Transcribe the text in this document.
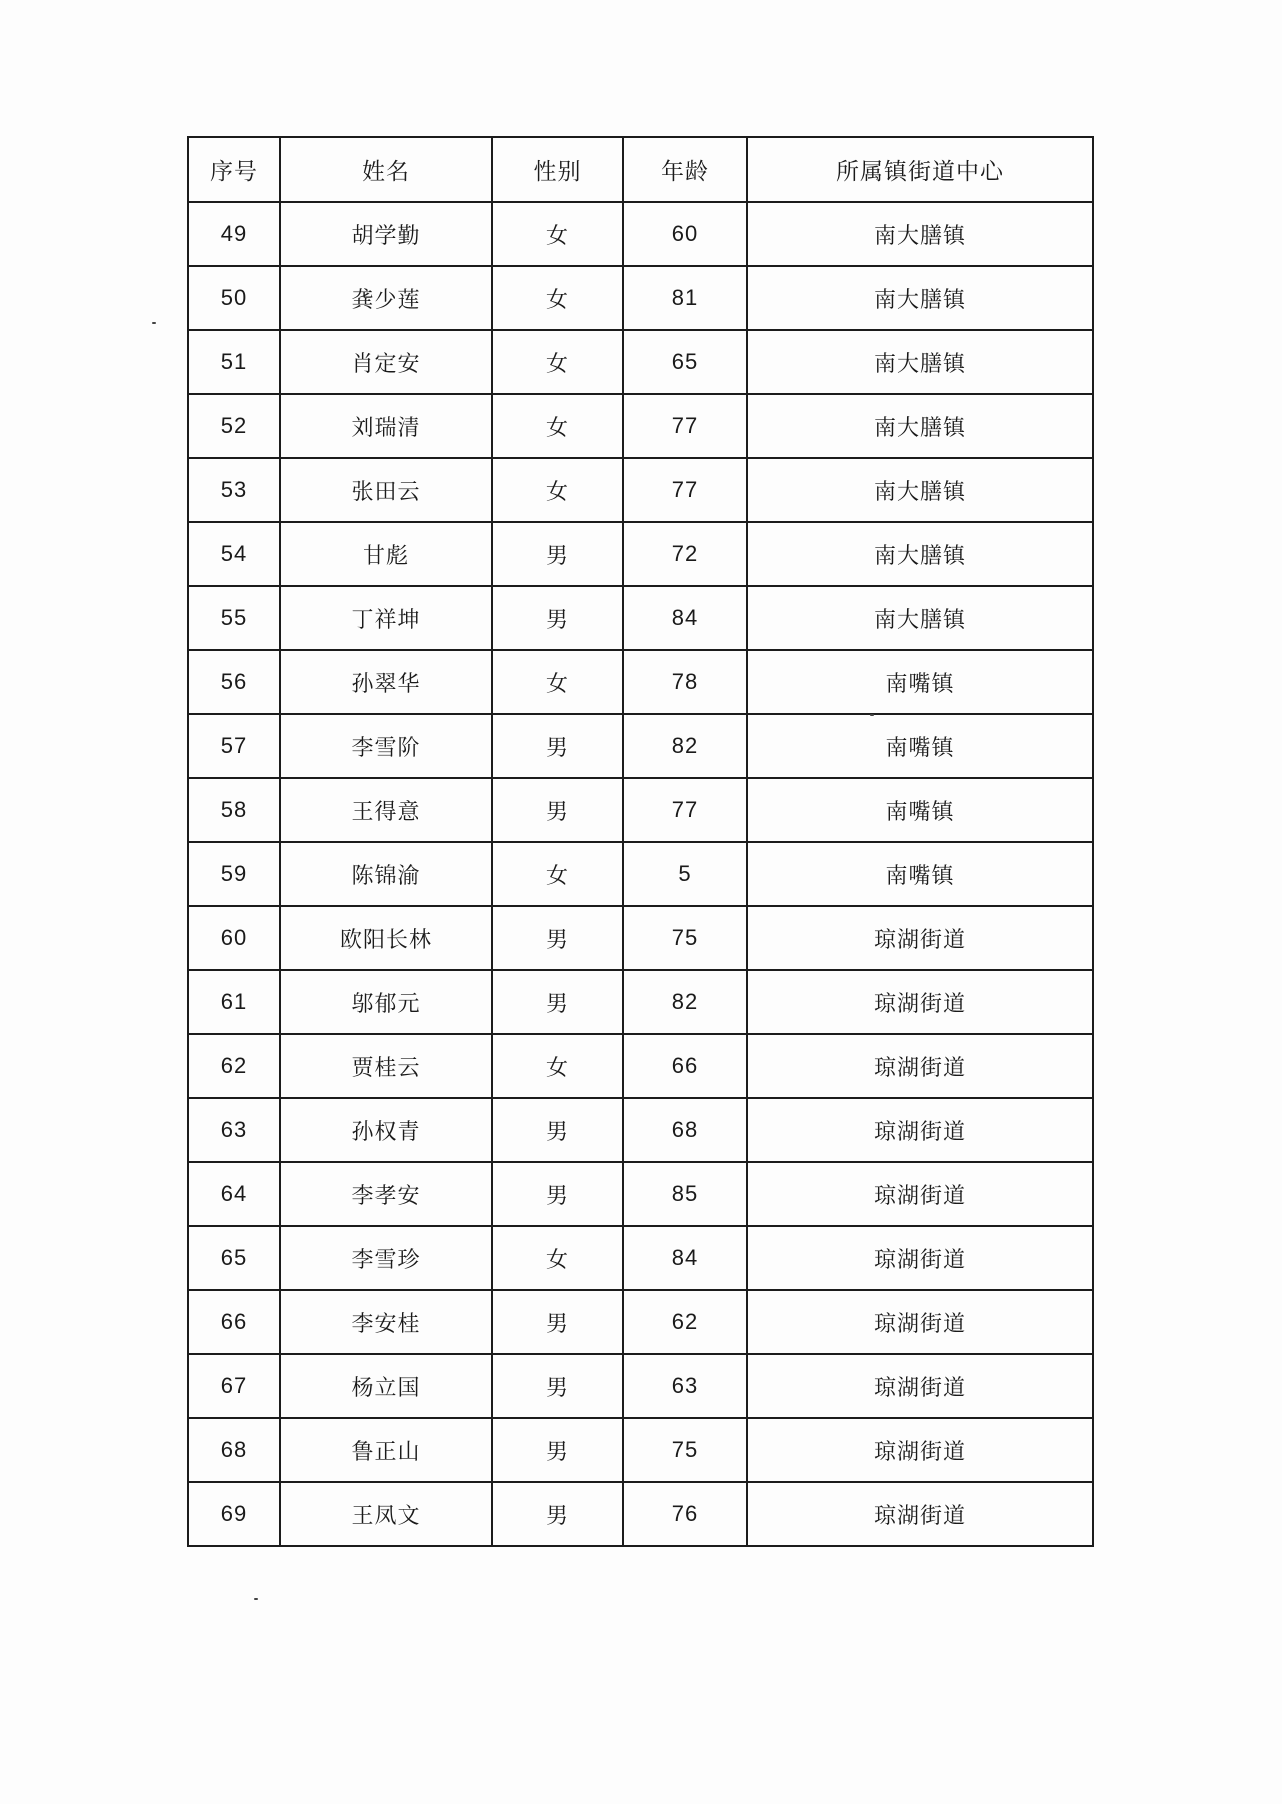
序号	姓名	性别	年龄	所属镇街道中心
49	胡学勤	女	60	南大膳镇
50	龚少莲	女	81	南大膳镇
51	肖定安	女	65	南大膳镇
52	刘瑞清	女	77	南大膳镇
53	张田云	女	77	南大膳镇
54	甘彪	男	72	南大膳镇
55	丁祥坤	男	84	南大膳镇
56	孙翠华	女	78	南嘴镇
57	李雪阶	男	82	南嘴镇
58	王得意	男	77	南嘴镇
59	陈锦渝	女	5	南嘴镇
60	欧阳长林	男	75	琼湖街道
61	邬郁元	男	82	琼湖街道
62	贾桂云	女	66	琼湖街道
63	孙权青	男	68	琼湖街道
64	李孝安	男	85	琼湖街道
65	李雪珍	女	84	琼湖街道
66	李安桂	男	62	琼湖街道
67	杨立国	男	63	琼湖街道
68	鲁正山	男	75	琼湖街道
69	王凤文	男	76	琼湖街道
